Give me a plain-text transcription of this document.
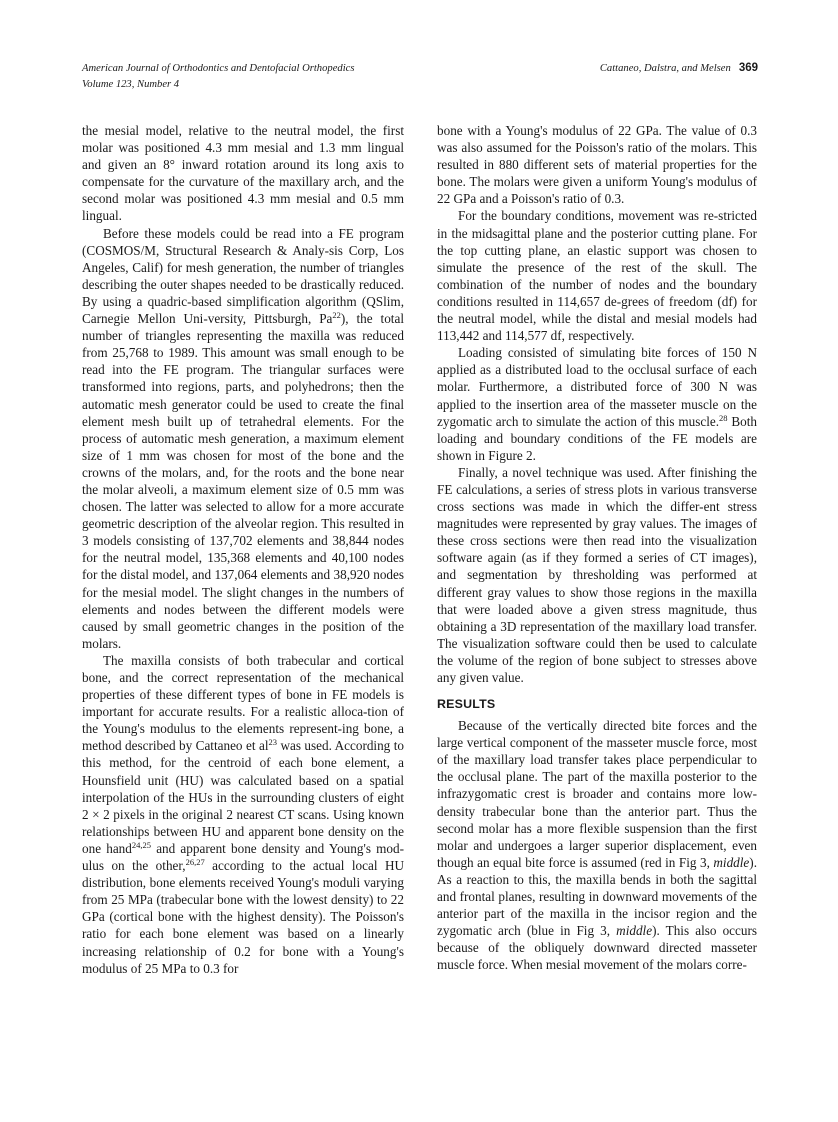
American Journal of Orthodontics and Dentofacial Orthopedics
Volume 123, Number 4
Cattaneo, Dalstra, and Melsen 369

the mesial model, relative to the neutral model, the first molar was positioned 4.3 mm mesial and 1.3 mm lingual and given an 8° inward rotation around its long axis to compensate for the curvature of the maxillary arch, and the second molar was positioned 4.3 mm mesial and 0.5 mm lingual.

Before these models could be read into a FE program (COSMOS/M, Structural Research & Analy-sis Corp, Los Angeles, Calif) for mesh generation, the number of triangles describing the outer shapes needed to be drastically reduced. By using a quadric-based simplification algorithm (QSlim, Carnegie Mellon Uni-versity, Pittsburgh, Pa$^{22}$), the total number of triangles representing the maxilla was reduced from 25,768 to 1989. This amount was small enough to be read into the FE program. The triangular surfaces were transformed into regions, parts, and polyhedrons; then the automatic mesh generator could be used to create the final element mesh built up of tetrahedral elements. For the process of automatic mesh generation, a maximum element size of 1 mm was chosen for most of the bone and the crowns of the molars, and, for the roots and the bone near the molar alveoli, a maximum element size of 0.5 mm was chosen. The latter was selected to allow for a more accurate geometric description of the alveolar region. This resulted in 3 models consisting of 137,702 elements and 38,844 nodes for the neutral model, 135,368 elements and 40,100 nodes for the distal model, and 137,064 elements and 38,920 nodes for the mesial model. The slight changes in the numbers of elements and nodes between the different models were caused by small geometric changes in the position of the molars.

The maxilla consists of both trabecular and cortical bone, and the correct representation of the mechanical properties of these different types of bone in FE models is important for accurate results. For a realistic alloca-tion of the Young's modulus to the elements represent-ing bone, a method described by Cattaneo et $al^{23}$ was used. According to this method, for the centroid of each bone element, a Hounsfield unit (HU) was calculated based on a spatial interpolation of the HUs in the surrounding clusters of eight 2 × 2 pixels in the original 2 nearest CT scans. Using known relationships between HU and apparent bone density on the one hand$^{24,25}$ and apparent bone density and Young's mod-ulus on the other,$^{26,27}$ according to the actual local HU distribution, bone elements received Young's moduli varying from 25 MPa (trabecular bone with the lowest density) to 22 GPa (cortical bone with the highest density). The Poisson's ratio for each bone element was based on a linearly increasing relationship of 0.2 for bone with a Young's modulus of 25 MPa to 0.3 for

bone with a Young's modulus of 22 GPa. The value of 0.3 was also assumed for the Poisson's ratio of the molars. This resulted in 880 different sets of material properties for the bone. The molars were given a uniform Young's modulus of 22 GPa and a Poisson's ratio of 0.3.

For the boundary conditions, movement was re-stricted in the midsagittal plane and the posterior cutting plane. For the top cutting plane, an elastic support was chosen to simulate the presence of the rest of the skull. The combination of the number of nodes and the boundary conditions resulted in 114,657 de-grees of freedom (df) for the neutral model, while the distal and mesial models had 113,442 and 114,577 df, respectively.

Loading consisted of simulating bite forces of 150 N applied as a distributed load to the occlusal surface of each molar. Furthermore, a distributed force of 300 N was applied to the insertion area of the masseter muscle on the zygomatic arch to simulate the action of this muscle.$^{28}$ Both loading and boundary conditions of the FE models are shown in Figure 2.

Finally, a novel technique was used. After finishing the FE calculations, a series of stress plots in various transverse cross sections was made in which the differ-ent stress magnitudes were represented by gray values. The images of these cross sections were then read into the visualization software again (as if they formed a series of CT images), and segmentation by thresholding was performed at different gray values to show those regions in the maxilla that were loaded above a given stress magnitude, thus obtaining a 3D representation of the maxillary load transfer. The visualization software could then be used to calculate the volume of the region of bone subject to stresses above any given value.

RESULTS

Because of the vertically directed bite forces and the large vertical component of the masseter muscle force, most of the maxillary load transfer takes place perpendicular to the occlusal plane. The part of the maxilla posterior to the infrazygomatic crest is broader and contains more low-density trabecular bone than the anterior part. Thus the second molar has a more flexible suspension than the first molar and undergoes a larger superior displacement, even though an equal bite force is assumed (red in Fig 3, middle). As a reaction to this, the maxilla bends in both the sagittal and frontal planes, resulting in downward movements of the anterior part of the maxilla in the incisor region and the zygomatic arch (blue in Fig 3, middle). This also occurs because of the obliquely downward directed masseter muscle force. When mesial movement of the molars corre-
